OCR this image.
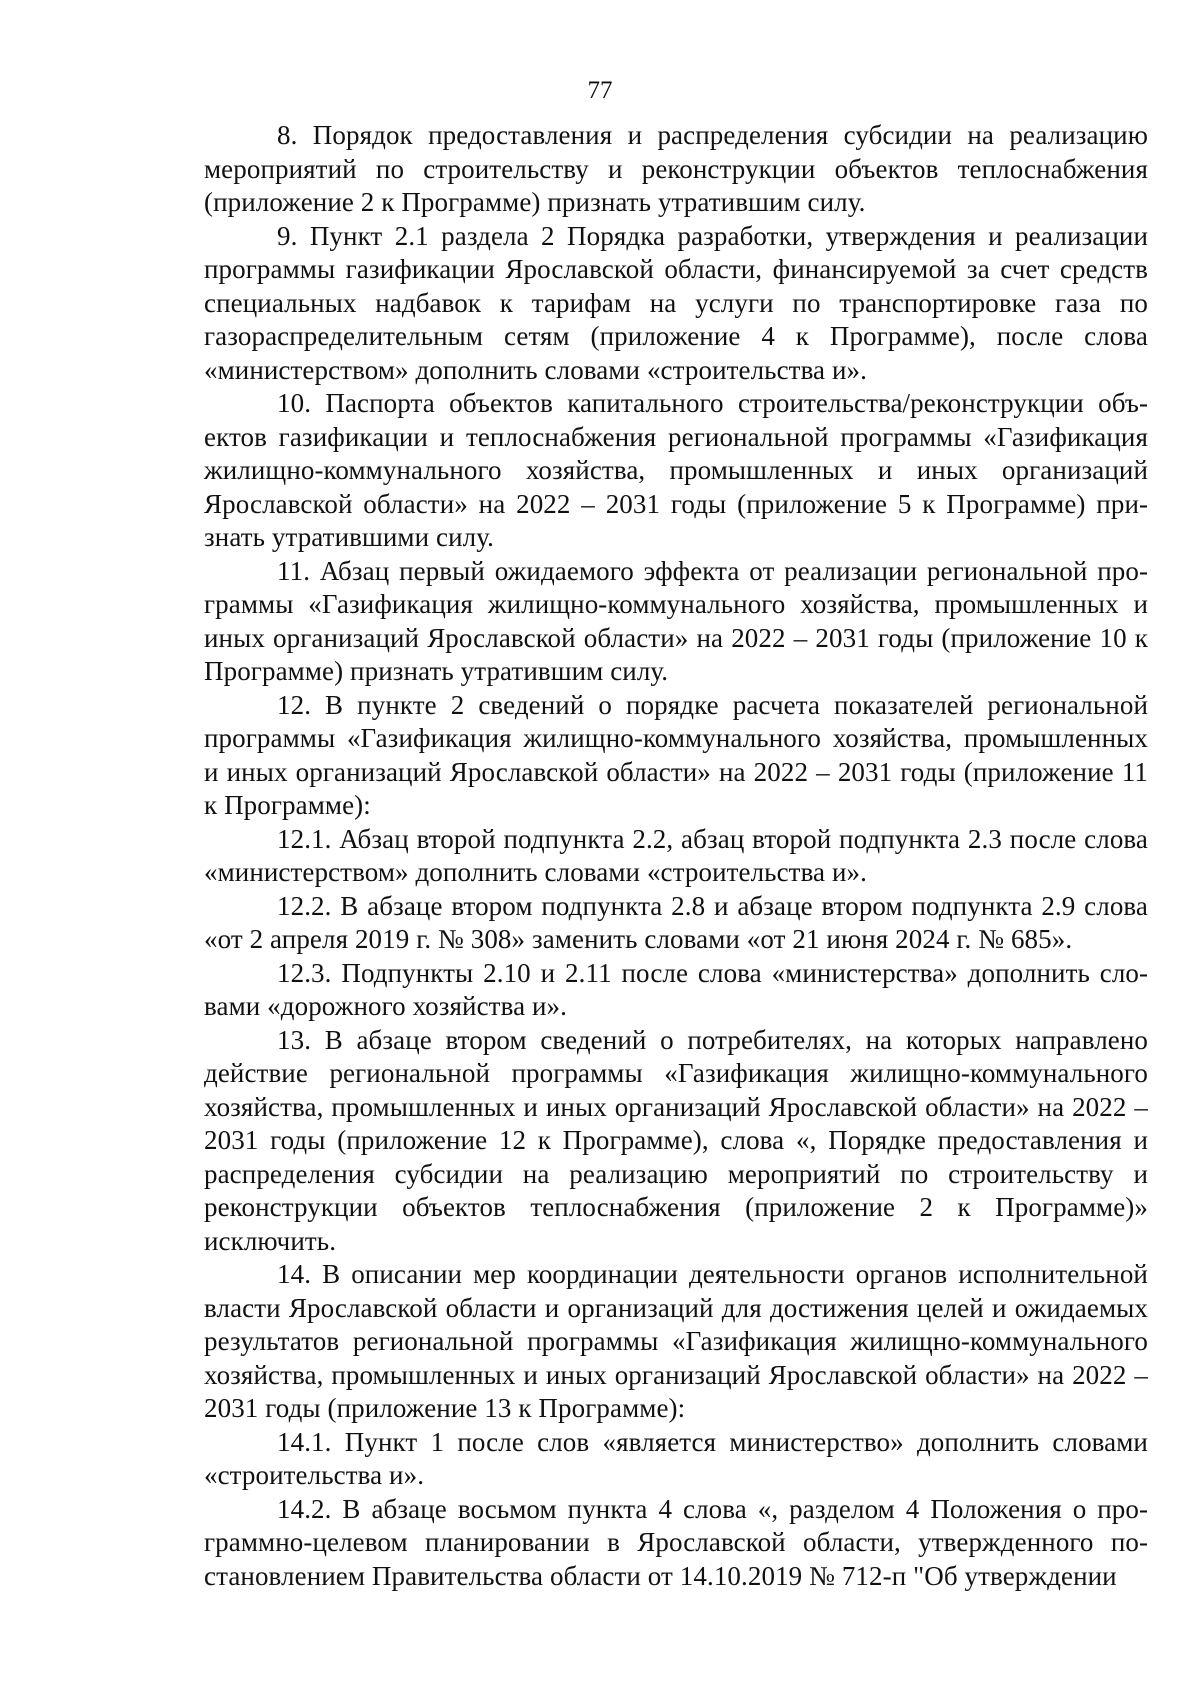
77

8. Порядок предоставления и распределения субсидии на реализацию мероприятий по строительству и реконструкции объектов теплоснабжения (приложение 2 к Программе) признать утратившим силу.

9. Пункт 2.1 раздела 2 Порядка разработки, утверждения и реализации программы газификации Ярославской области, финансируемой за счет средств специальных надбавок к тарифам на услуги по транспортировке газа по газораспределительным сетям (приложение 4 к Программе), после слова «министерством» дополнить словами «строительства и».

10. Паспорта объектов капитального строительства/реконструкции объектов газификации и теплоснабжения региональной программы «Газификация жилищно-коммунального хозяйства, промышленных и иных организаций Ярославской области» на 2022 – 2031 годы (приложение 5 к Программе) признать утратившими силу.

11. Абзац первый ожидаемого эффекта от реализации региональной программы «Газификация жилищно-коммунального хозяйства, промышленных и иных организаций Ярославской области» на 2022 – 2031 годы (приложение 10 к Программе) признать утратившим силу.

12. В пункте 2 сведений о порядке расчета показателей региональной программы «Газификация жилищно-коммунального хозяйства, промышленных и иных организаций Ярославской области» на 2022 – 2031 годы (приложение 11 к Программе):

12.1. Абзац второй подпункта 2.2, абзац второй подпункта 2.3 после слова «министерством» дополнить словами «строительства и».

12.2. В абзаце втором подпункта 2.8 и абзаце втором подпункта 2.9 слова «от 2 апреля 2019 г. № 308» заменить словами «от 21 июня 2024 г. № 685».

12.3. Подпункты 2.10 и 2.11 после слова «министерства» дополнить словами «дорожного хозяйства и».

13. В абзаце втором сведений о потребителях, на которых направлено действие региональной программы «Газификация жилищно-коммунального хозяйства, промышленных и иных организаций Ярославской области» на 2022 – 2031 годы (приложение 12 к Программе), слова «, Порядке предоставления и распределения субсидии на реализацию мероприятий по строительству и реконструкции объектов теплоснабжения (приложение 2 к Программе)» исключить.

14. В описании мер координации деятельности органов исполнительной власти Ярославской области и организаций для достижения целей и ожидаемых результатов региональной программы «Газификация жилищно-коммунального хозяйства, промышленных и иных организаций Ярославской области» на 2022 – 2031 годы (приложение 13 к Программе):

14.1. Пункт 1 после слов «является министерство» дополнить словами «строительства и».

14.2. В абзаце восьмом пункта 4 слова «, разделом 4 Положения о программно-целевом планировании в Ярославской области, утвержденного постановлением Правительства области от 14.10.2019 № 712-п "Об утверждении
